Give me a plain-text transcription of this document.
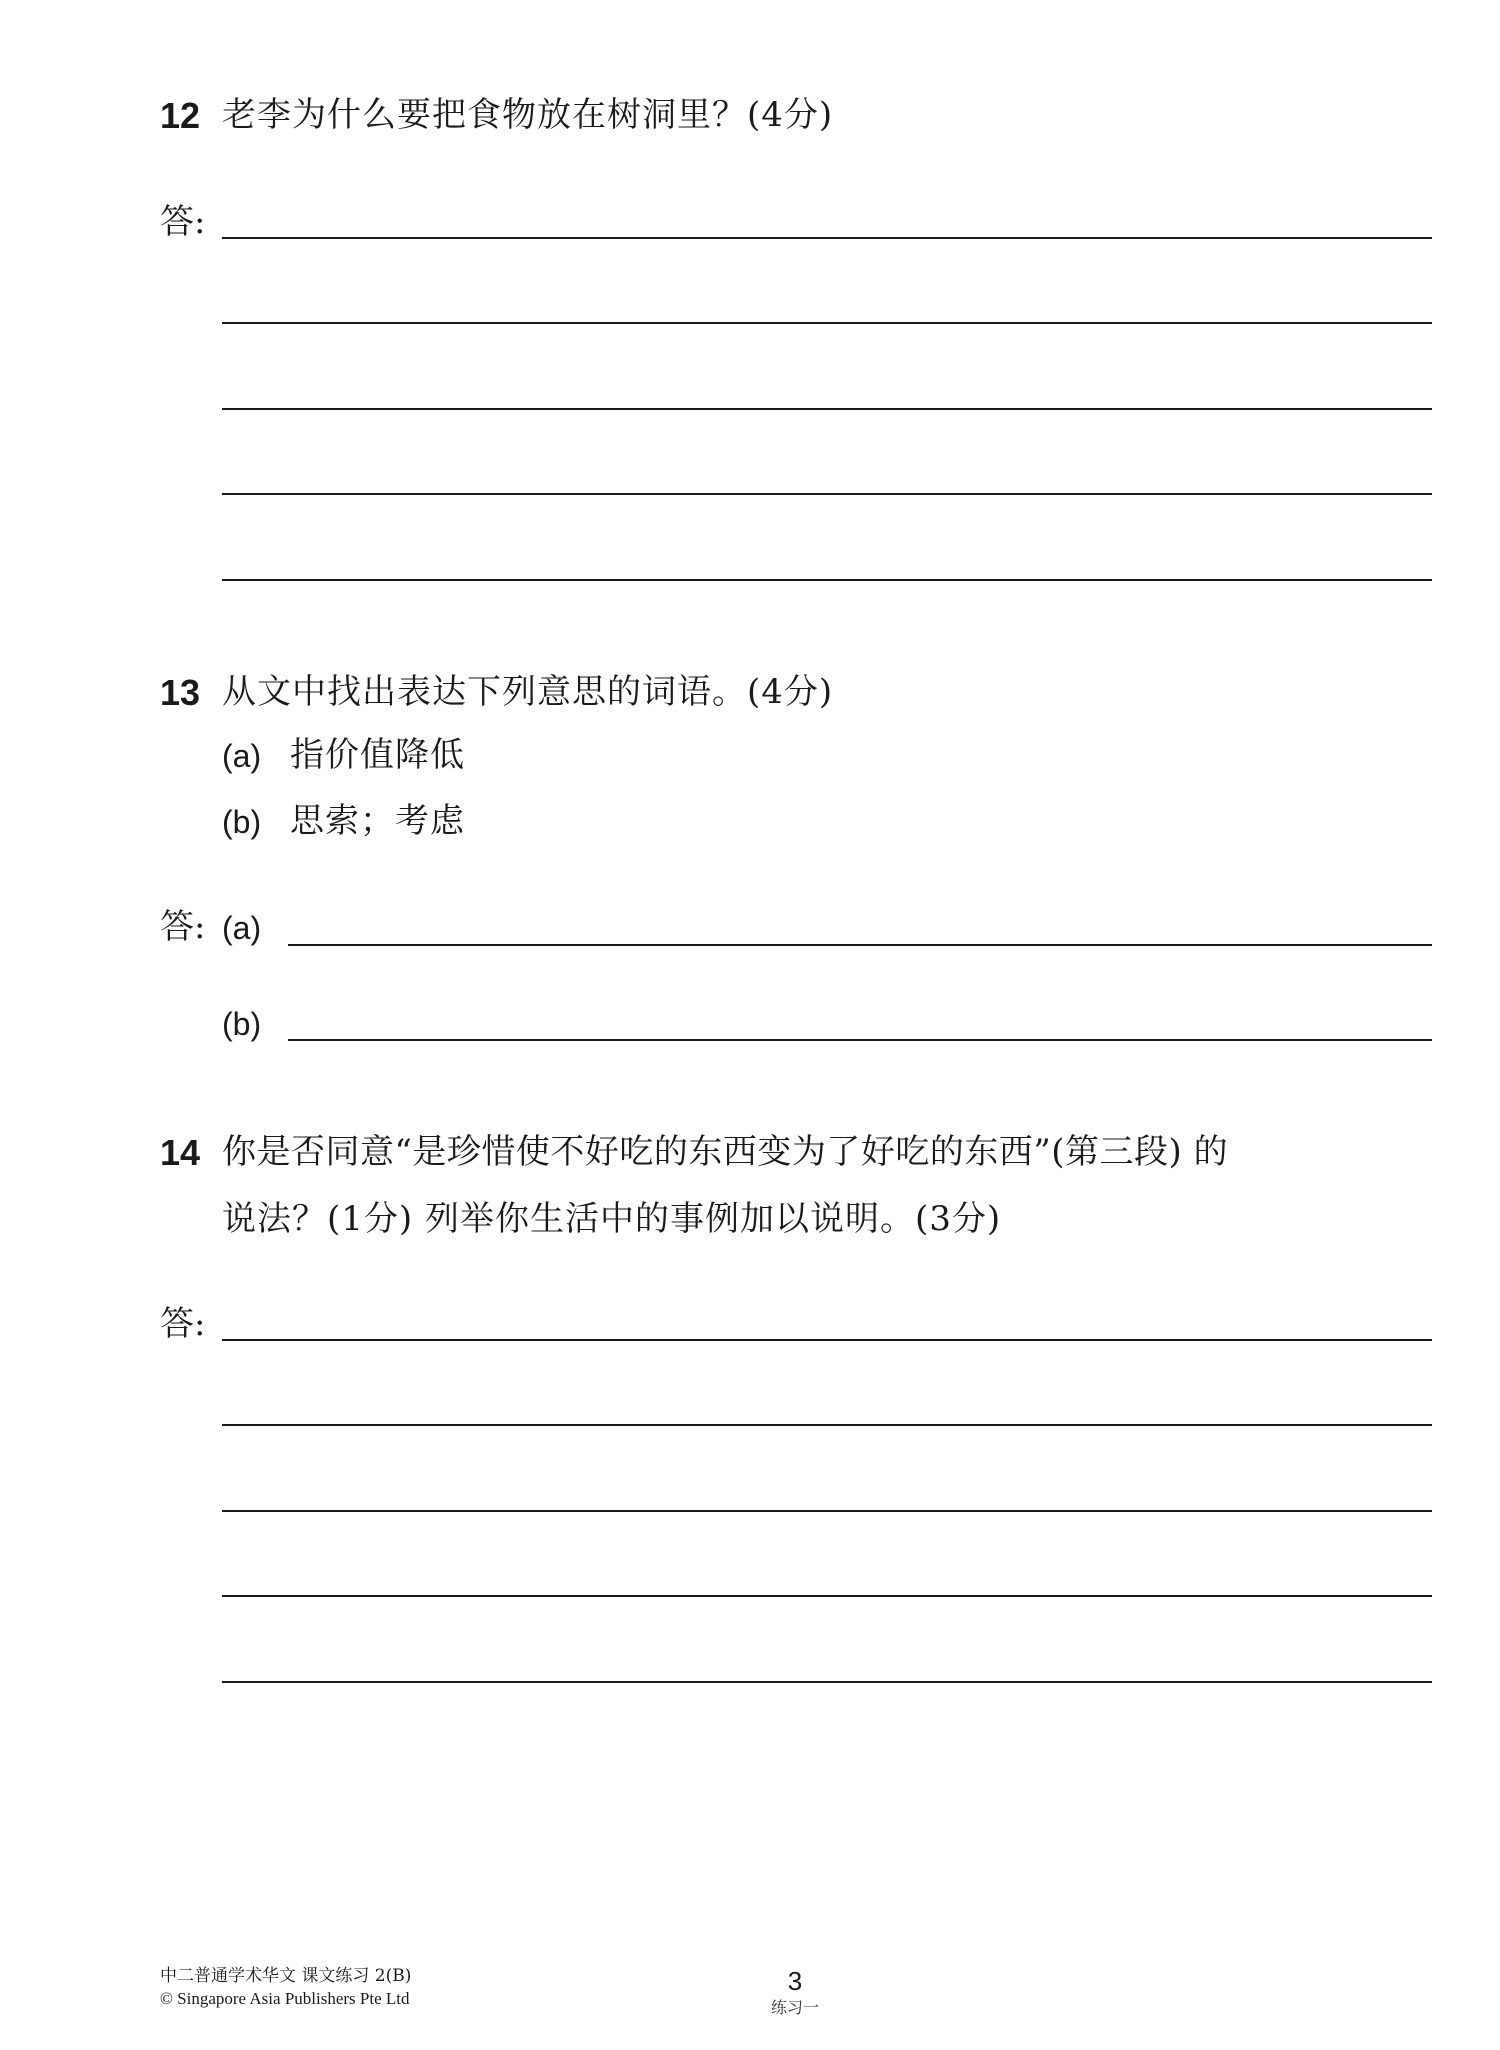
12 老李为什么要把食物放在树洞里？(4分)
答:
13 从文中找出表达下列意思的词语。(4分)
(a) 指价值降低
(b) 思索；考虑
答: (a)
(b)
14 你是否同意“是珍惜使不好吃的东西变为了好吃的东西”(第三段) 的
说法？(1分) 列举你生活中的事例加以说明。(3分)
答:
中二普通学术华文 课文练习 2(B)
© Singapore Asia Publishers Pte Ltd
3
练习一
